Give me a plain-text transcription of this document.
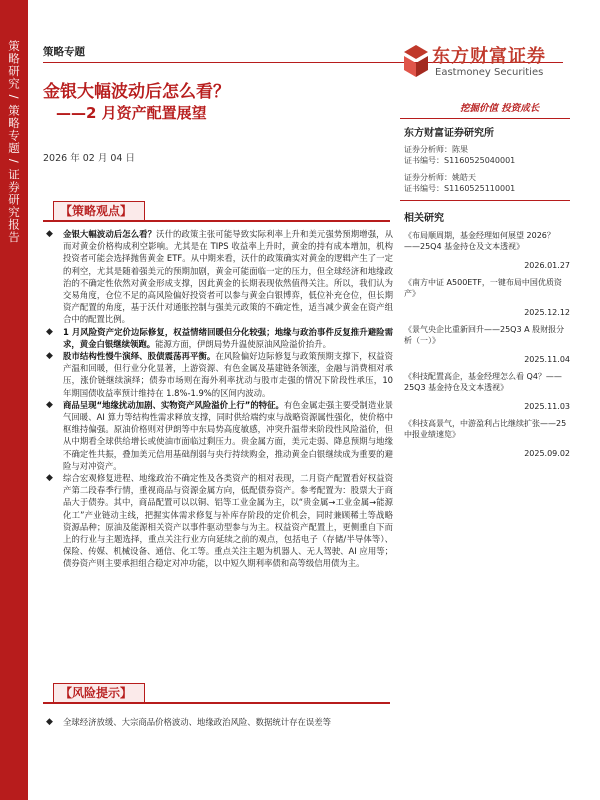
策略研究 / 策略专题 / 证券研究报告 策略专题
金银大幅波动后怎么看？
——2 月资产配置展望
2026 年 02 月 04 日
东方财富证券
Eastmoney Securities
挖掘价值 投资成长
东方财富证券研究所
证券分析师：陈果
证书编号：S1160525040001
证券分析师：姚皓天
证书编号：S1160525110001
相关研究
《布局顺周期，基金经理如何展望 2026？——25Q4 基金持仓及文本透视》
2026.01.27
《南方中证 A500ETF，一键布局中国优质资产》
2025.12.12
《景气央企比重新回升——25Q3 A 股财报分析（一）》
2025.11.04
《科技配置高企，基金经理怎么看 Q4？——25Q3 基金持仓及文本透视》
2025.11.03
《科技高景气，中游盈利占比继续扩张——25 中报业绩速览》
2025.09.02
【策略观点】
◆ 金银大幅波动后怎么看？沃什的政策主张可能导致实际利率上升和美元强势预期增强，从而对黄金价格构成利空影响。尤其是在 TIPS 收益率上升时，黄金的持有成本增加，机构投资者可能会选择抛售黄金 ETF。从中期来看，沃什的政策确实对黄金的逻辑产生了一定的利空，尤其是随着强美元的预期加剧，黄金可能面临一定的压力，但全球经济和地缘政治的不确定性依然对黄金形成支撑，因此黄金的长期表现依然值得关注。所以，我们认为交易角度，仓位不足的高风险偏好投资者可以参与黄金白银博弈，低位补充仓位，但长期资产配置的角度，基于沃什对通胀控制与强美元政策的不确定性，适当减少黄金在资产组合中的配置比例。
◆ 1 月风险资产定价边际修复，权益情绪回暖但分化较强；地缘与政治事件反复推升避险需求，黄金白银继续领跑。能源方面，伊朗局势升温使原油风险溢价抬升。
◆ 股市结构性慢牛演绎、股债震荡再平衡。在风险偏好边际修复与政策预期支撑下，权益资产温和回暖，但行业分化显著，上游资源、有色金属及基建链条领涨，金融与消费相对承压，涨价链继续演绎；债券市场则在海外利率扰动与股市走强的情况下阶段性承压，10 年期国债收益率预计维持在 1.8%-1.9%的区间内波动。
◆ 商品呈现“地缘扰动加剧、实物资产风险溢价上行”的特征。有色金属走强主要受制造业景气回暖、AI 算力等结构性需求释放支撑，同时供给端约束与战略资源属性强化，使价格中枢维持偏强。原油价格则对伊朗等中东局势高度敏感，冲突升温带来阶段性风险溢价，但从中期看全球供给增长或使油市面临过剩压力。贵金属方面，美元走弱、降息预期与地缘不确定性共振，叠加美元信用基础削弱与央行持续购金，推动黄金白银继续成为重要的避险与对冲资产。
◆ 综合宏观修复进程、地缘政治不确定性及各类资产的相对表现，二月资产配置看好权益资产第二段春季行情，重视商品与资源金属方向，低配债券资产。参考配置为：股票大于商品大于债券。其中，商品配置可以以铜、铝等工业金属为主，以“贵金属→工业金属→能源化工”产业链动主线，把握实体需求修复与补库存阶段的定价机会，同时兼顾稀土等战略资源品种；原油及能源相关资产以事件驱动型参与为主。权益资产配置上，更侧重自下而上的行业与主题选择，重点关注行业方向延续之前的观点，包括电子（存储/半导体等）、保险、传媒、机械设备、通信、化工等。重点关注主题为机器人、无人驾驶、AI 应用等；债券资产则主要承担组合稳定对冲功能，以中短久期利率债和高等级信用债为主。
【风险提示】
◆ 全球经济放缓、大宗商品价格波动、地缘政治风险、数据统计存在误差等
